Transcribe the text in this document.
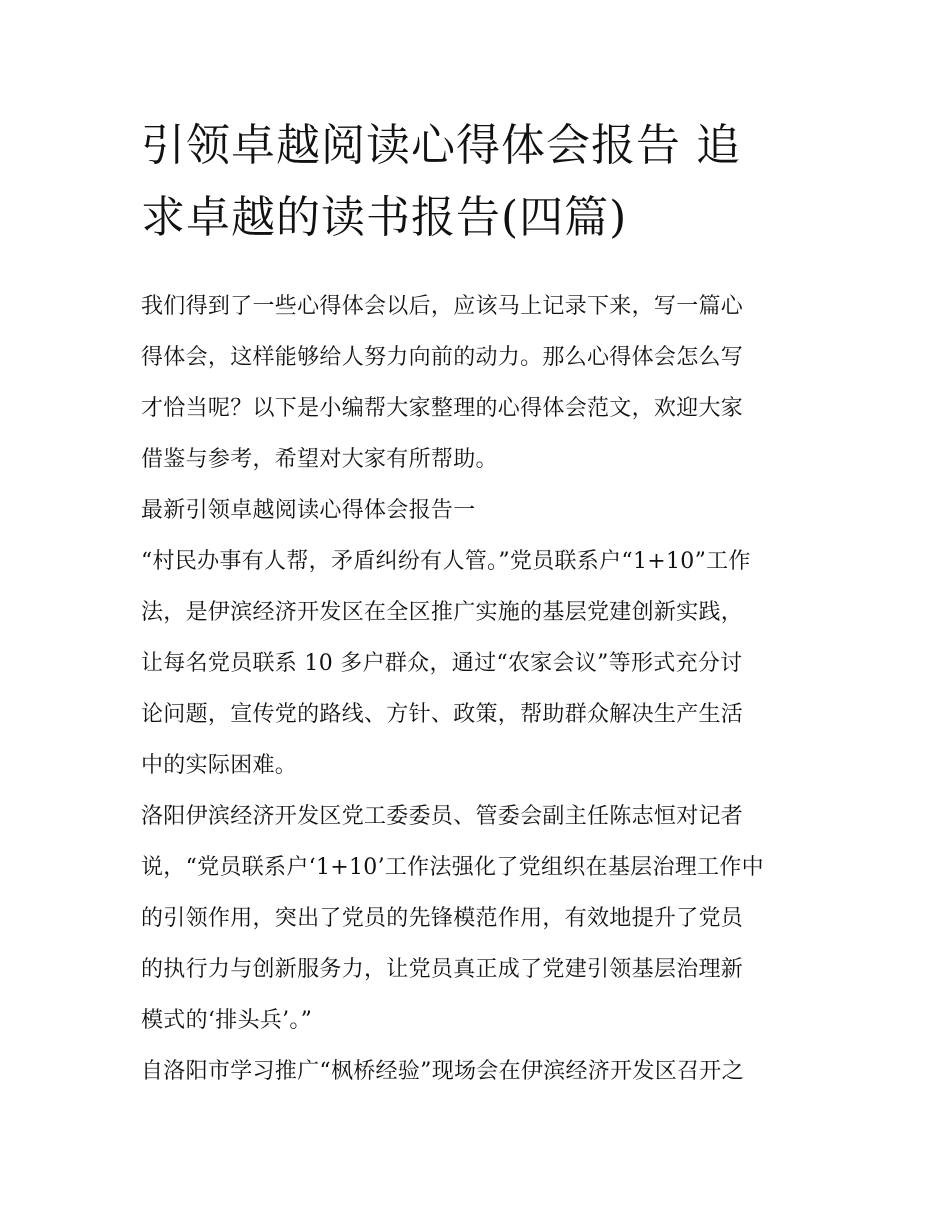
引领卓越阅读心得体会报告 追
求卓越的读书报告(四篇)

我们得到了一些心得体会以后，应该马上记录下来，写一篇心
得体会，这样能够给人努力向前的动力。那么心得体会怎么写
才恰当呢？以下是小编帮大家整理的心得体会范文，欢迎大家
借鉴与参考，希望对大家有所帮助。

最新引领卓越阅读心得体会报告一

“村民办事有人帮，矛盾纠纷有人管。”党员联系户“1+10”工作
法，是伊滨经济开发区在全区推广实施的基层党建创新实践，
让每名党员联系 10 多户群众，通过“农家会议”等形式充分讨
论问题，宣传党的路线、方针、政策，帮助群众解决生产生活
中的实际困难。

洛阳伊滨经济开发区党工委委员、管委会副主任陈志恒对记者
说，“党员联系户‘1+10’工作法强化了党组织在基层治理工作中
的引领作用，突出了党员的先锋模范作用，有效地提升了党员
的执行力与创新服务力，让党员真正成了党建引领基层治理新
模式的‘排头兵’。”

自洛阳市学习推广“枫桥经验”现场会在伊滨经济开发区召开之
